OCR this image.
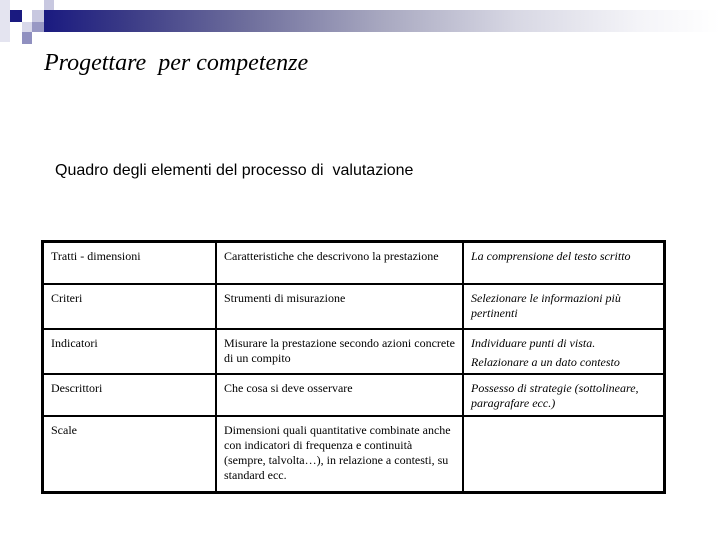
Progettare  per competenze
Quadro degli elementi del processo di  valutazione
Tratti - dimensioni	Caratteristiche che descrivono la prestazione	La comprensione del testo scritto

Criteri	Strumenti di misurazione	Selezionare le informazioni più pertinenti

Indicatori	Misurare la prestazione secondo azioni concrete di un compito	Individuare punti di vista.
Relazionare a un dato contesto

Descrittori	Che cosa si deve osservare	Possesso di strategie (sottolineare, paragrafare ecc.)

Scale	Dimensioni quali quantitative combinate anche con indicatori di frequenza e continuità (sempre, talvolta…), in relazione a contesti, su standard ecc.	
